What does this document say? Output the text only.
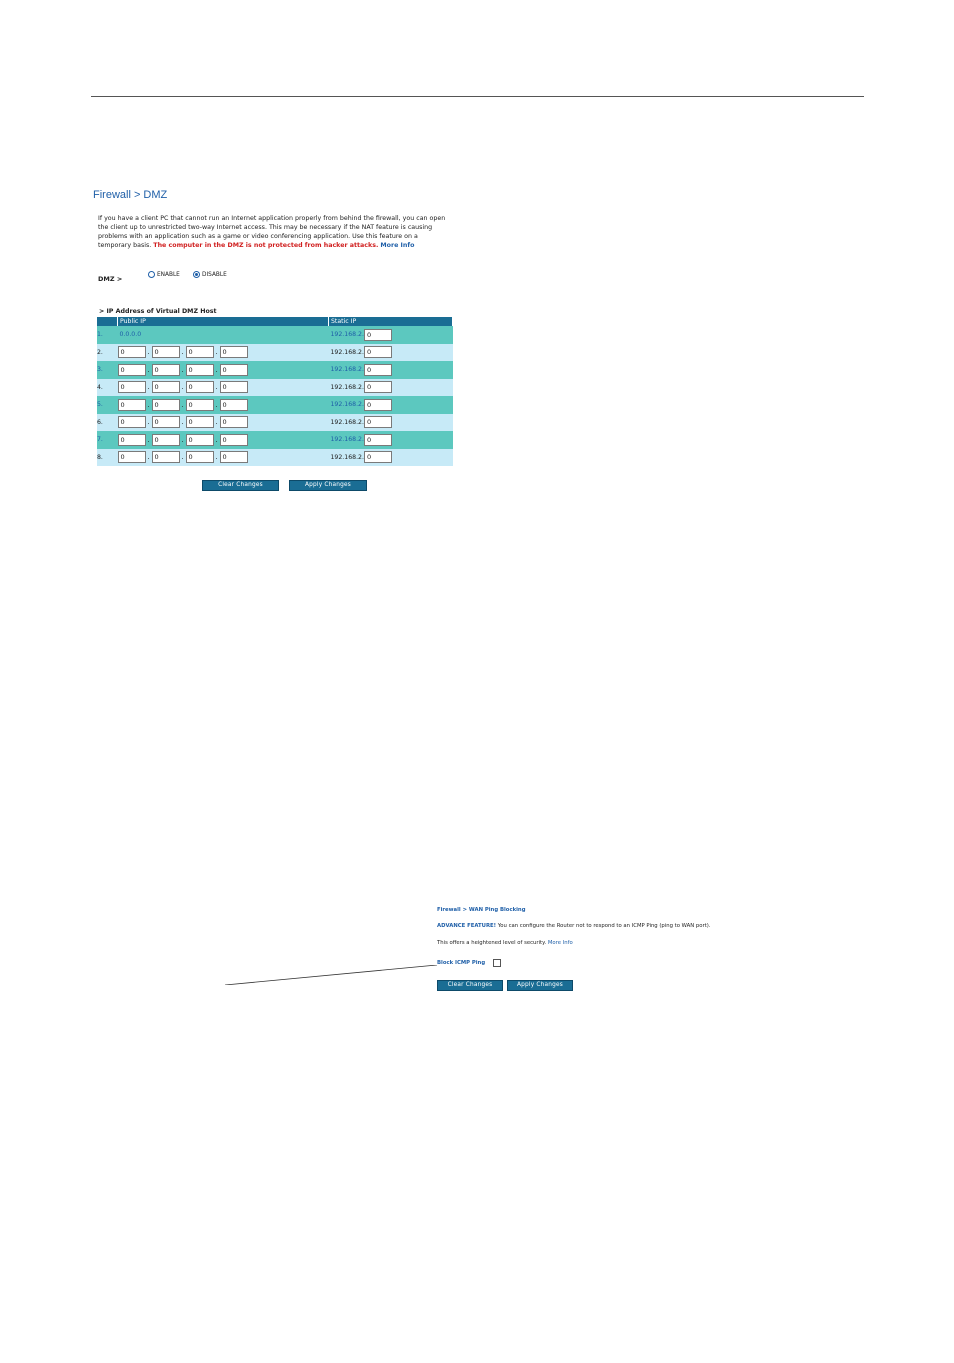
Firewall > DMZ
If you have a client PC that cannot run an Internet application properly from behind the firewall, you can open the client up to unrestricted two-way Internet access. This may be necessary if the NAT feature is causing problems with an application such as a game or video conferencing application. Use this feature on a temporary basis. The computer in the DMZ is not protected from hacker attacks. More Info
DMZ >
ENABLE	DISABLE
> IP Address of Virtual DMZ Host
	Public IP	Static IP
1.	0.0.0.0	192.168.2. 0
2.	0 . 0 . 0 . 0	192.168.2. 0
3.	0 . 0 . 0 . 0	192.168.2. 0
4.	0 . 0 . 0 . 0	192.168.2. 0
5.	0 . 0 . 0 . 0	192.168.2. 0
6.	0 . 0 . 0 . 0	192.168.2. 0
7.	0 . 0 . 0 . 0	192.168.2. 0
8.	0 . 0 . 0 . 0	192.168.2. 0
Clear Changes	Apply Changes
Firewall > WAN Ping Blocking
ADVANCE FEATURE! You can configure the Router not to respond to an ICMP Ping (ping to WAN port).
This offers a heightened level of security. More Info
Block ICMP Ping
Clear Changes	Apply Changes
